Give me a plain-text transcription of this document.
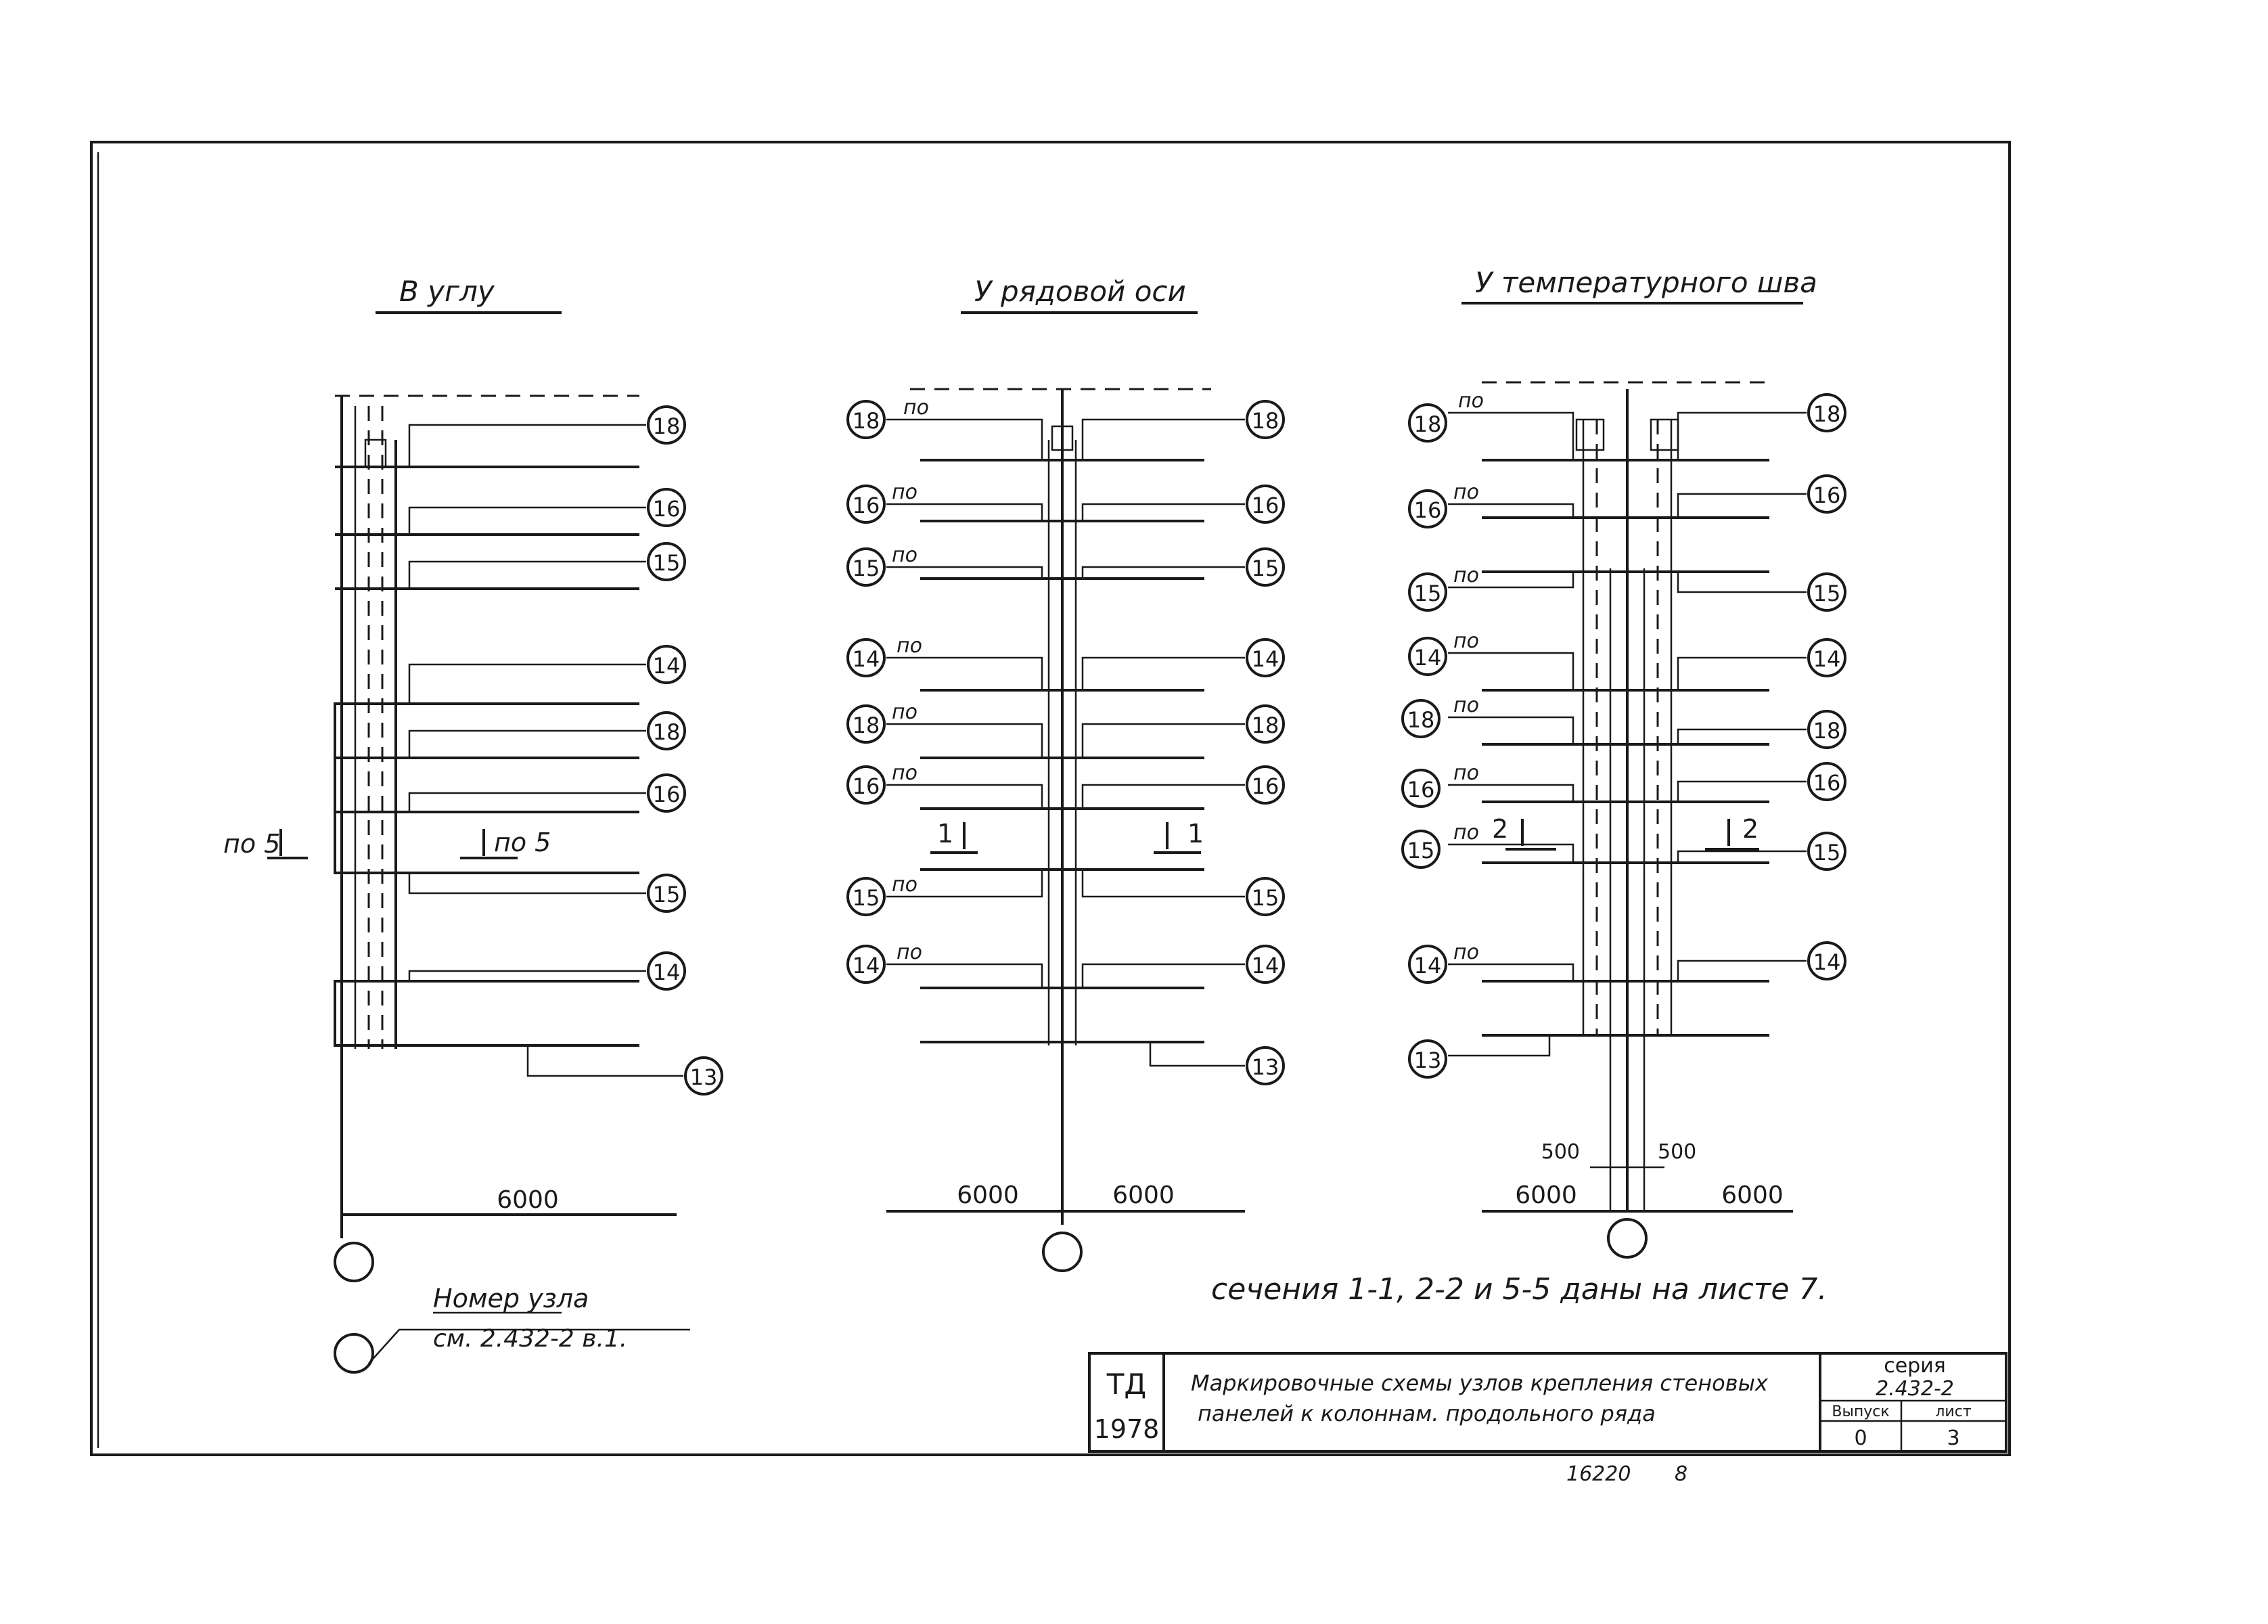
В углу	У рядовой оси	У температурного шва
18
16
15
14
18
16
15
14
13
по 5	по 5
6000
по
по
по
по
по
по
по
по
18
16
15
14
18
16
15
14
18
16
15
14
18
16
15
14
13
1	1
6000	6000
по
по
по
по
по
по
по
по
18
16
15
14
18
16
15
14
13
18
16
15
14
18
16
15
14
2	2
500	500
6000	6000
Номер узла
см. 2.432-2 в.1.
сечения 1-1, 2-2 и 5-5 даны на листе 7.
ТД
1978
Маркировочные схемы узлов крепления стеновых
панелей к колоннам. продольного ряда
серия
2.432-2
Выпуск
0
лист
3
16220 8
